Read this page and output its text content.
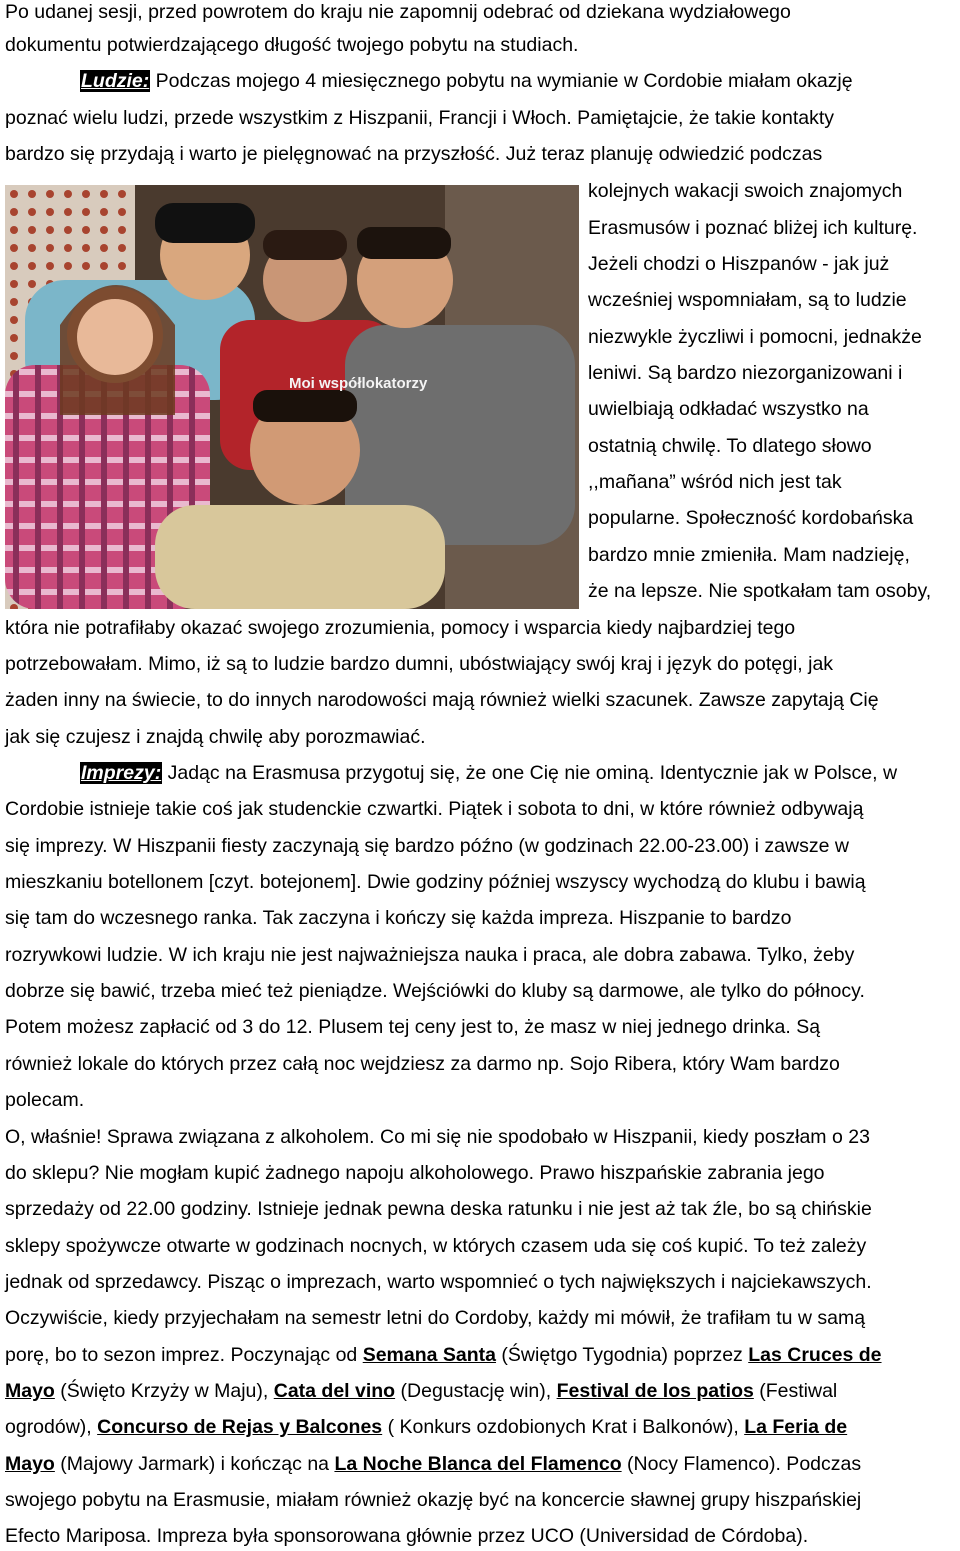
Po udanej sesji, przed powrotem do kraju nie zapomnij odebrać od dziekana wydziałowego
dokumentu potwierdzającego długość twojego pobytu na studiach.
Ludzie: Podczas mojego 4 miesięcznego pobytu na wymianie w Cordobie miałam okazję
poznać wielu ludzi, przede wszystkim z Hiszpanii, Francji i Włoch. Pamiętajcie, że takie kontakty
bardzo się przydają i warto je pielęgnować na przyszłość. Już teraz planuję odwiedzić podczas
Moi współlokatorzy
kolejnych wakacji swoich znajomych
Erasmusów i poznać bliżej ich kulturę.
Jeżeli chodzi o Hiszpanów - jak już
wcześniej wspomniałam, są to ludzie
niezwykle życzliwi i pomocni, jednakże
leniwi. Są bardzo niezorganizowani i
uwielbiają odkładać wszystko na
ostatnią chwilę. To dlatego słowo
,,mañana” wśród nich jest tak
popularne. Społeczność kordobańska
bardzo mnie zmieniła. Mam nadzieję,
że na lepsze. Nie spotkałam tam osoby,
która nie potrafiłaby okazać swojego zrozumienia, pomocy i wsparcia kiedy najbardziej tego
potrzebowałam. Mimo, iż są to ludzie bardzo dumni, ubóstwiający swój kraj i język do potęgi, jak
żaden inny na świecie, to do innych narodowości mają również wielki szacunek. Zawsze zapytają Cię
jak się czujesz i znajdą chwilę aby porozmawiać.
Imprezy: Jadąc na Erasmusa przygotuj się, że one Cię nie ominą. Identycznie jak w Polsce, w
Cordobie istnieje takie coś jak studenckie czwartki. Piątek i sobota to dni, w które również odbywają
się imprezy. W Hiszpanii fiesty zaczynają się bardzo późno (w godzinach 22.00-23.00) i zawsze w
mieszkaniu botellonem [czyt. botejonem]. Dwie godziny później wszyscy wychodzą do klubu i bawią
się tam do wczesnego ranka. Tak zaczyna i kończy się każda impreza. Hiszpanie to bardzo
rozrywkowi ludzie. W ich kraju nie jest najważniejsza nauka i praca, ale dobra zabawa. Tylko, żeby
dobrze się bawić, trzeba mieć też pieniądze. Wejściówki do kluby są darmowe, ale tylko do północy.
Potem możesz zapłacić od 3 do 12. Plusem tej ceny jest to, że masz w niej jednego drinka. Są
również lokale do których przez całą noc wejdziesz za darmo np. Sojo Ribera, który Wam bardzo
polecam.
O, właśnie! Sprawa związana z alkoholem. Co mi się nie spodobało w Hiszpanii, kiedy poszłam o 23
do sklepu? Nie mogłam kupić żadnego napoju alkoholowego. Prawo hiszpańskie zabrania jego
sprzedaży od 22.00 godziny. Istnieje jednak pewna deska ratunku i nie jest aż tak źle, bo są chińskie
sklepy spożywcze otwarte w godzinach nocnych, w których czasem uda się coś kupić. To też zależy
jednak od sprzedawcy. Pisząc o imprezach, warto wspomnieć o tych największych i najciekawszych.
Oczywiście, kiedy przyjechałam na semestr letni do Cordoby, każdy mi mówił, że trafiłam tu w samą
porę, bo to sezon imprez. Poczynając od Semana Santa (Świętgo Tygodnia) poprzez Las Cruces de
Mayo (Święto Krzyży w Maju), Cata del vino (Degustację win), Festival de los patios (Festiwal
ogrodów), Concurso de Rejas y Balcones ( Konkurs ozdobionych Krat i Balkonów), La Feria de
Mayo (Majowy Jarmark) i kończąc na La Noche Blanca del Flamenco (Nocy Flamenco). Podczas
swojego pobytu na Erasmusie, miałam również okazję być na koncercie sławnej grupy hiszpańskiej
Efecto Mariposa. Impreza była sponsorowana głównie przez UCO (Universidad de Córdoba).
